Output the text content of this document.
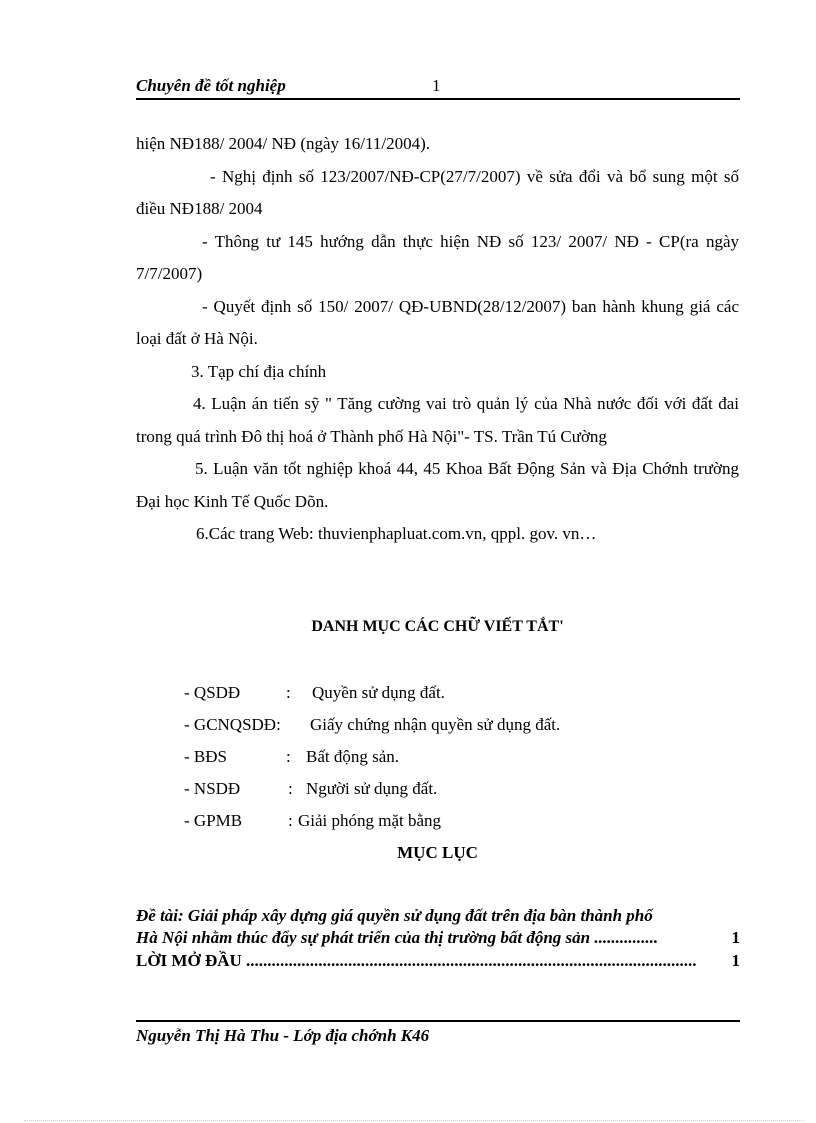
Chuyên đề tốt nghiệp	1

hiện NĐ188/ 2004/ NĐ (ngày 16/11/2004).

- Nghị định số 123/2007/NĐ-CP(27/7/2007) về sửa đổi và bổ sung một số điều NĐ188/ 2004

- Thông tư 145 hướng dẫn thực hiện NĐ số 123/ 2007/ NĐ - CP(ra ngày 7/7/2007)

- Quyết định số 150/ 2007/ QĐ-UBND(28/12/2007) ban hành khung giá các loại đất ở Hà Nội.

3. Tạp chí địa chính

4. Luận án tiến sỹ " Tăng cường vai trò quản lý của Nhà nước đối với đất đai trong quá trình Đô thị hoá ở Thành phố Hà Nội"- TS. Trần Tú Cường

5. Luận văn tốt nghiệp khoá 44, 45 Khoa Bất Động Sản và Địa Chớnh trường Đại học Kinh Tế Quốc Dõn.

6.Các trang Web: thuvienphapluat.com.vn, qppl. gov. vn…

DANH MỤC CÁC CHỮ VIẾT TẮT'
- QSDĐ	: Quyền sử dụng đất.
- GCNQSDĐ: Giấy chứng nhận quyền sử dụng đất.
- BĐS	: Bất động sản.
- NSDĐ	: Người sử dụng đất.
- GPMB	: Giải phóng mặt bằng
MỤC LỤC
Đề tài: Giải pháp xây dựng giá quyền sử dụng đất trên địa bàn thành phố
Hà Nội nhằm thúc đẩy sự phát triển của thị trường bất động sản ...............	1
LỜI MỞ ĐẦU .......................................................................................................... 1
Nguyễn Thị Hà Thu - Lớp địa chớnh K46
